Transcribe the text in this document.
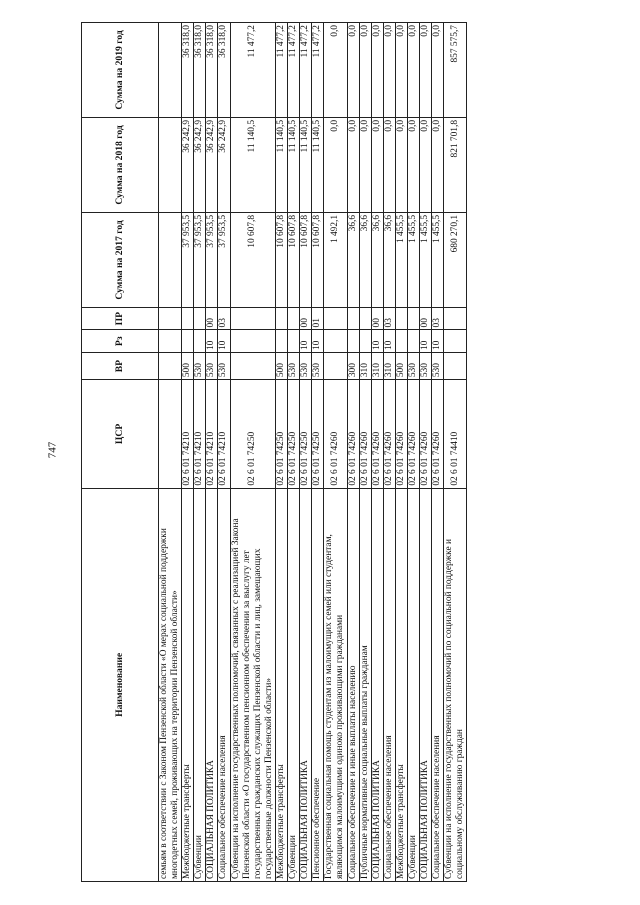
747
Наименование	ЦСР	ВР	Рз	ПР	Сумма на 2017 год	Сумма на 2018 год	Сумма на 2019 год
семьям в соответствии с Законом Пензенской области «О мерах социальной поддержки многодетных семей, проживающих на территории Пензенской области»							
Межбюджетные трансферты	02 6 01 74210	500			37 953,5	36 242,9	36 318,0
Субвенции	02 6 01 74210	530			37 953,5	36 242,9	36 318,0
СОЦИАЛЬНАЯ ПОЛИТИКА	02 6 01 74210	530	10	00	37 953,5	36 242,9	36 318,0
Социальное обеспечение населения	02 6 01 74210	530	10	03	37 953,5	36 242,9	36 318,0
Субвенции на исполнение государственных полномочий, связанных с реализацией Закона Пензенской области «О государственном пенсионном обеспечении за выслугу лет государственных гражданских служащих Пензенской области и лиц, замещающих государственные должности Пензенской области»	02 6 01 74250				10 607,8	11 140,5	11 477,2
Межбюджетные трансферты	02 6 01 74250	500			10 607,8	11 140,5	11 477,2
Субвенции	02 6 01 74250	530			10 607,8	11 140,5	11 477,2
СОЦИАЛЬНАЯ ПОЛИТИКА	02 6 01 74250	530	10	00	10 607,8	11 140,5	11 477,2
Пенсионное обеспечение	02 6 01 74250	530	10	01	10 607,8	11 140,5	11 477,2
Государственная социальная помощь студентам из малоимущих семей или студентам, являющимся малоимущими одиноко проживающими гражданами	02 6 01 74260				1 492,1	0,0	0,0
Социальное обеспечение и иные выплаты населению	02 6 01 74260	300			36,6	0,0	0,0
Публичные нормативные социальные выплаты гражданам	02 6 01 74260	310			36,6	0,0	0,0
СОЦИАЛЬНАЯ ПОЛИТИКА	02 6 01 74260	310	10	00	36,6	0,0	0,0
Социальное обеспечение населения	02 6 01 74260	310	10	03	36,6	0,0	0,0
Межбюджетные трансферты	02 6 01 74260	500			1 455,5	0,0	0,0
Субвенции	02 6 01 74260	530			1 455,5	0,0	0,0
СОЦИАЛЬНАЯ ПОЛИТИКА	02 6 01 74260	530	10	00	1 455,5	0,0	0,0
Социальное обеспечение населения	02 6 01 74260	530	10	03	1 455,5	0,0	0,0
Субвенции на исполнение государственных полномочий по социальной поддержке и социальному обслуживанию граждан	02 6 01 74410				680 270,1	821 701,8	857 575,7
